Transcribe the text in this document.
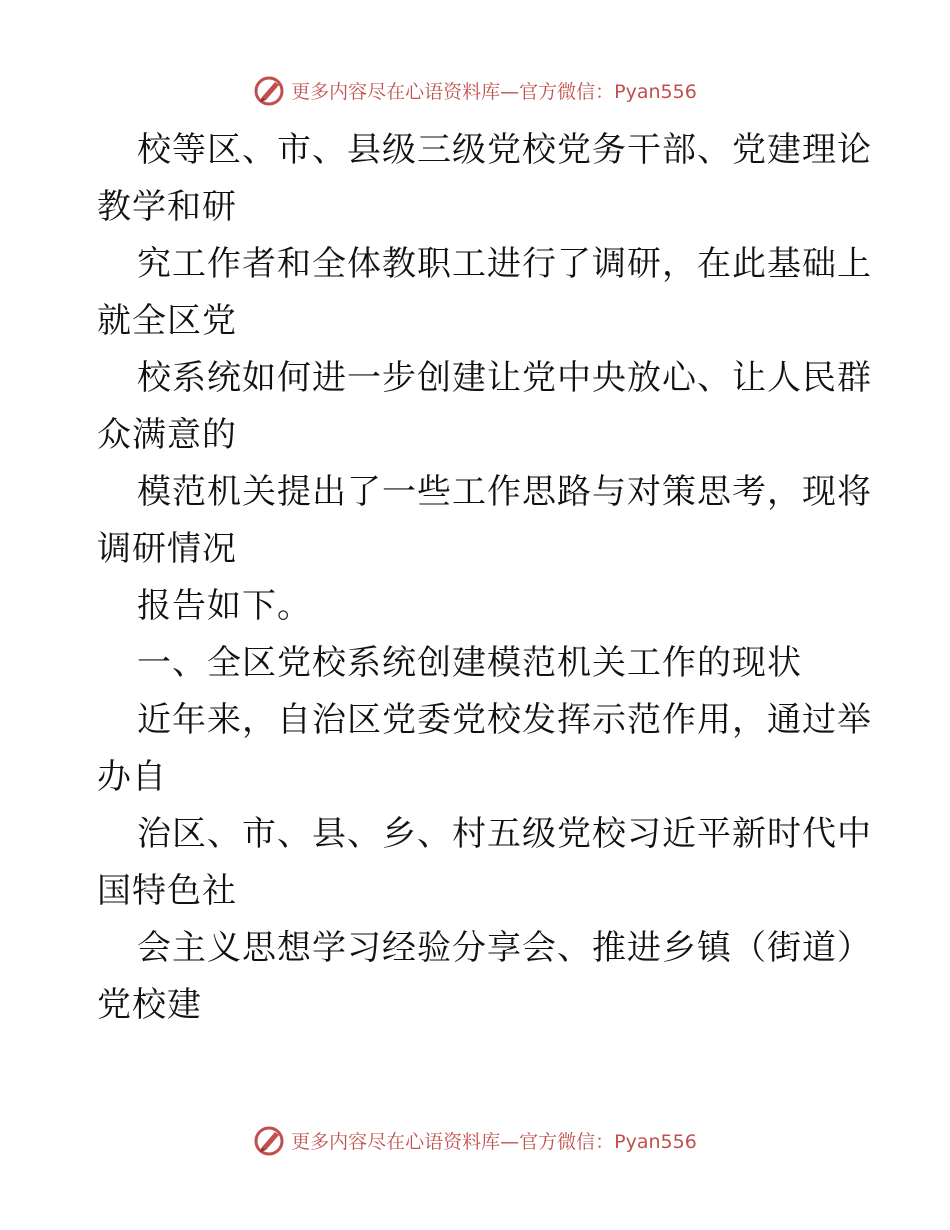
更多内容尽在心语资料库—官方微信：Pyan556
校等区、市、县级三级党校党务干部、党建理论
教学和研
究工作者和全体教职工进行了调研，在此基础上
就全区党
校系统如何进一步创建让党中央放心、让人民群
众满意的
模范机关提出了一些工作思路与对策思考，现将
调研情况
报告如下。
一、全区党校系统创建模范机关工作的现状
近年来，自治区党委党校发挥示范作用，通过举
办自
治区、市、县、乡、村五级党校习近平新时代中
国特色社
会主义思想学习经验分享会、推进乡镇（街道）
党校建
更多内容尽在心语资料库—官方微信：Pyan556
